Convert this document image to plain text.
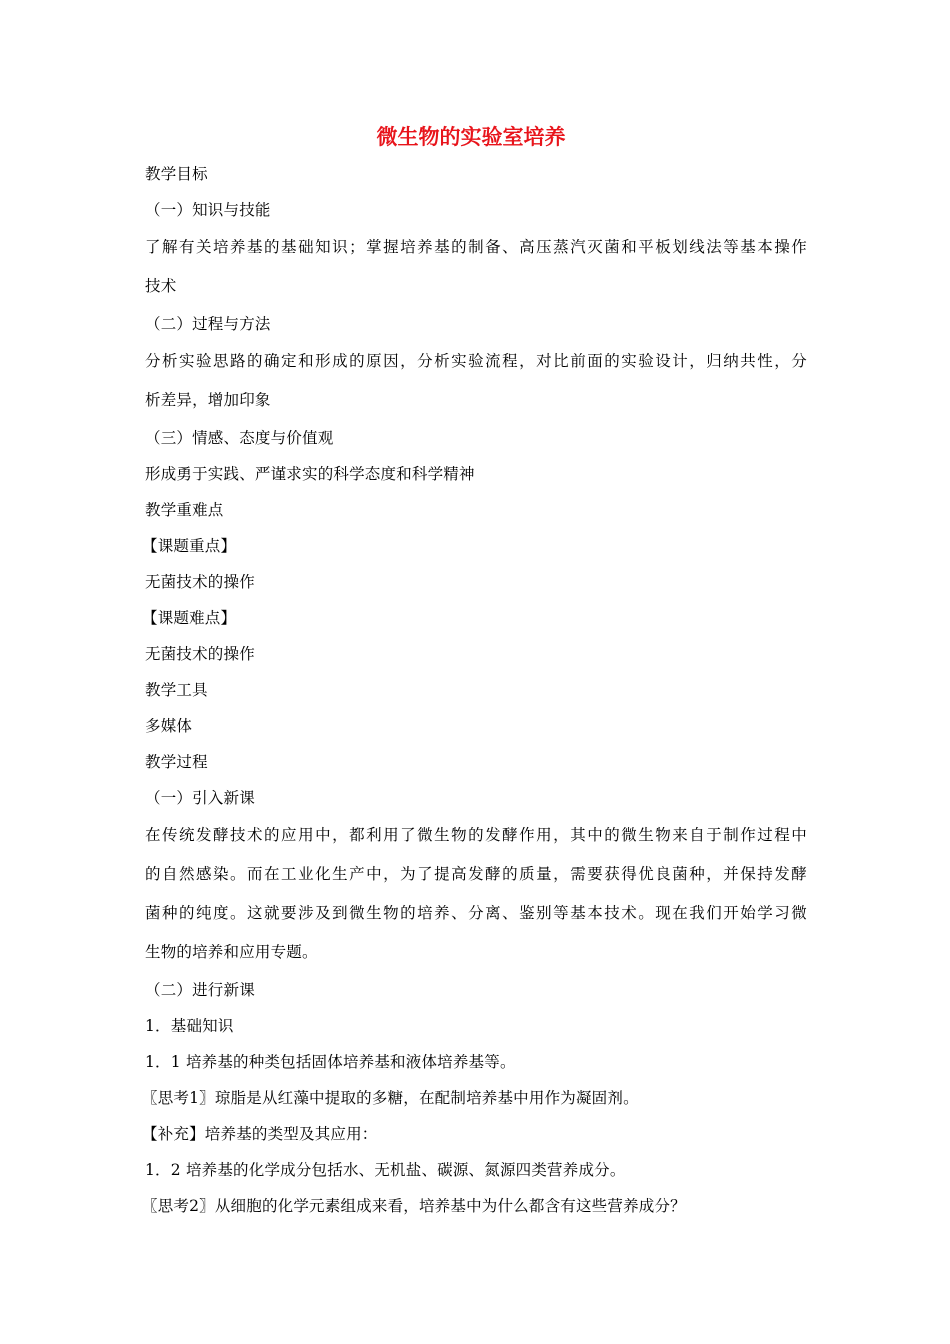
微生物的实验室培养
教学目标
（一）知识与技能
了解有关培养基的基础知识；掌握培养基的制备、高压蒸汽灭菌和平板划线法等基本操作
技术
（二）过程与方法
分析实验思路的确定和形成的原因，分析实验流程，对比前面的实验设计，归纳共性，分
析差异，增加印象
（三）情感、态度与价值观
形成勇于实践、严谨求实的科学态度和科学精神
教学重难点
【课题重点】
无菌技术的操作
【课题难点】
无菌技术的操作
教学工具
多媒体
教学过程
（一）引入新课
在传统发酵技术的应用中，都利用了微生物的发酵作用，其中的微生物来自于制作过程中
的自然感染。而在工业化生产中，为了提高发酵的质量，需要获得优良菌种，并保持发酵
菌种的纯度。这就要涉及到微生物的培养、分离、鉴别等基本技术。现在我们开始学习微
生物的培养和应用专题。
（二）进行新课
1．基础知识
1．1 培养基的种类包括固体培养基和液体培养基等。
〖思考1〗琼脂是从红藻中提取的多糖，在配制培养基中用作为凝固剂。
【补充】培养基的类型及其应用：
1．2 培养基的化学成分包括水、无机盐、碳源、氮源四类营养成分。
〖思考2〗从细胞的化学元素组成来看，培养基中为什么都含有这些营养成分？
